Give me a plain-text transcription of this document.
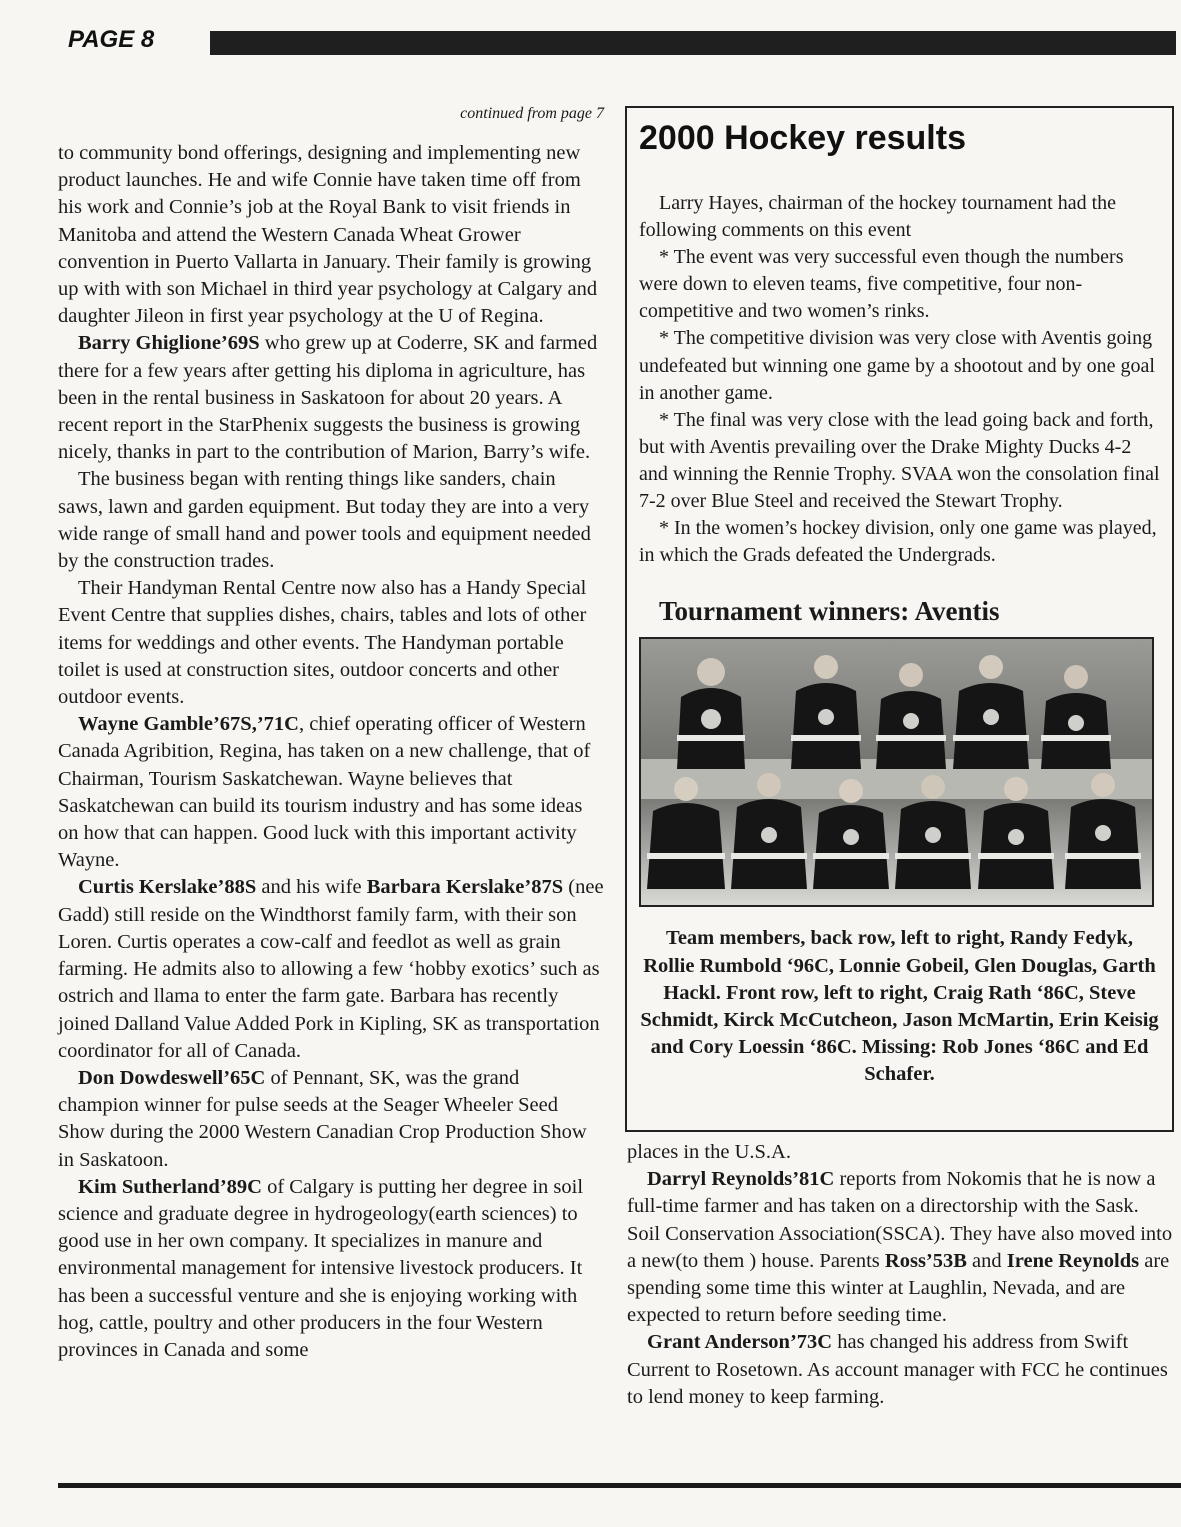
PAGE 8
continued from page 7

to community bond offerings, designing and implementing new product launches. He and wife Connie have taken time off from his work and Connie’s job at the Royal Bank to visit friends in Manitoba and attend the Western Canada Wheat Grower convention in Puerto Vallarta in January. Their family is growing up with with son Michael in third year psychology at Calgary and daughter Jileon in first year psychology at the U of Regina.

Barry Ghiglione’69S who grew up at Coderre, SK and farmed there for a few years after getting his diploma in agriculture, has been in the rental business in Saskatoon for about 20 years. A recent report in the StarPhenix suggests the business is growing nicely, thanks in part to the contribution of Marion, Barry’s wife.

The business began with renting things like sanders, chain saws, lawn and garden equipment. But today they are into a very wide range of small hand and power tools and equipment needed by the construction trades.

Their Handyman Rental Centre now also has a Handy Special Event Centre that supplies dishes, chairs, tables and lots of other items for weddings and other events. The Handyman portable toilet is used at construction sites, outdoor concerts and other outdoor events.

Wayne Gamble’67S,’71C, chief operating officer of Western Canada Agribition, Regina, has taken on a new challenge, that of Chairman, Tourism Saskatchewan. Wayne believes that Saskatchewan can build its tourism industry and has some ideas on how that can happen. Good luck with this important activity Wayne.

Curtis Kerslake’88S and his wife Barbara Kerslake’87S (nee Gadd) still reside on the Windthorst family farm, with their son Loren. Curtis operates a cow-calf and feedlot as well as grain farming. He admits also to allowing a few ‘hobby exotics’ such as ostrich and llama to enter the farm gate. Barbara has recently joined Dalland Value Added Pork in Kipling, SK as transportation coordinator for all of Canada.

Don Dowdeswell’65C of Pennant, SK, was the grand champion winner for pulse seeds at the Seager Wheeler Seed Show during the 2000 Western Canadian Crop Production Show in Saskatoon.

Kim Sutherland’89C of Calgary is putting her degree in soil science and graduate degree in hydrogeology(earth sciences) to good use in her own company. It specializes in manure and environmental management for intensive livestock producers. It has been a successful venture and she is enjoying working with hog, cattle, poultry and other producers in the four Western provinces in Canada and some

2000 Hockey results

Larry Hayes, chairman of the hockey tournament had the following comments on this event

* The event was very successful even though the numbers were down to eleven teams, five competitive, four non-competitive and two women’s rinks.

* The competitive division was very close with Aventis going undefeated but winning one game by a shootout and by one goal in another game.

* The final was very close with the lead going back and forth, but with Aventis prevailing over the Drake Mighty Ducks 4-2 and winning the Rennie Trophy. SVAA won the consolation final 7-2 over Blue Steel and received the Stewart Trophy.

* In the women’s hockey division, only one game was played, in which the Grads defeated the Undergrads.

Tournament winners: Aventis
Team members, back row, left to right, Randy Fedyk, Rollie Rumbold ‘96C, Lonnie Gobeil, Glen Douglas, Garth Hackl. Front row, left to right, Craig Rath ‘86C, Steve Schmidt, Kirck McCutcheon, Jason McMartin, Erin Keisig and Cory Loessin ‘86C. Missing: Rob Jones ‘86C and Ed Schafer.

places in the U.S.A.

Darryl Reynolds’81C reports from Nokomis that he is now a full-time farmer and has taken on a directorship with the Sask. Soil Conservation Association(SSCA). They have also moved into a new(to them ) house. Parents Ross’53B and Irene Reynolds are spending some time this winter at Laughlin, Nevada, and are expected to return before seeding time.

Grant Anderson’73C has changed his address from Swift Current to Rosetown. As account manager with FCC he continues to lend money to keep farming.
